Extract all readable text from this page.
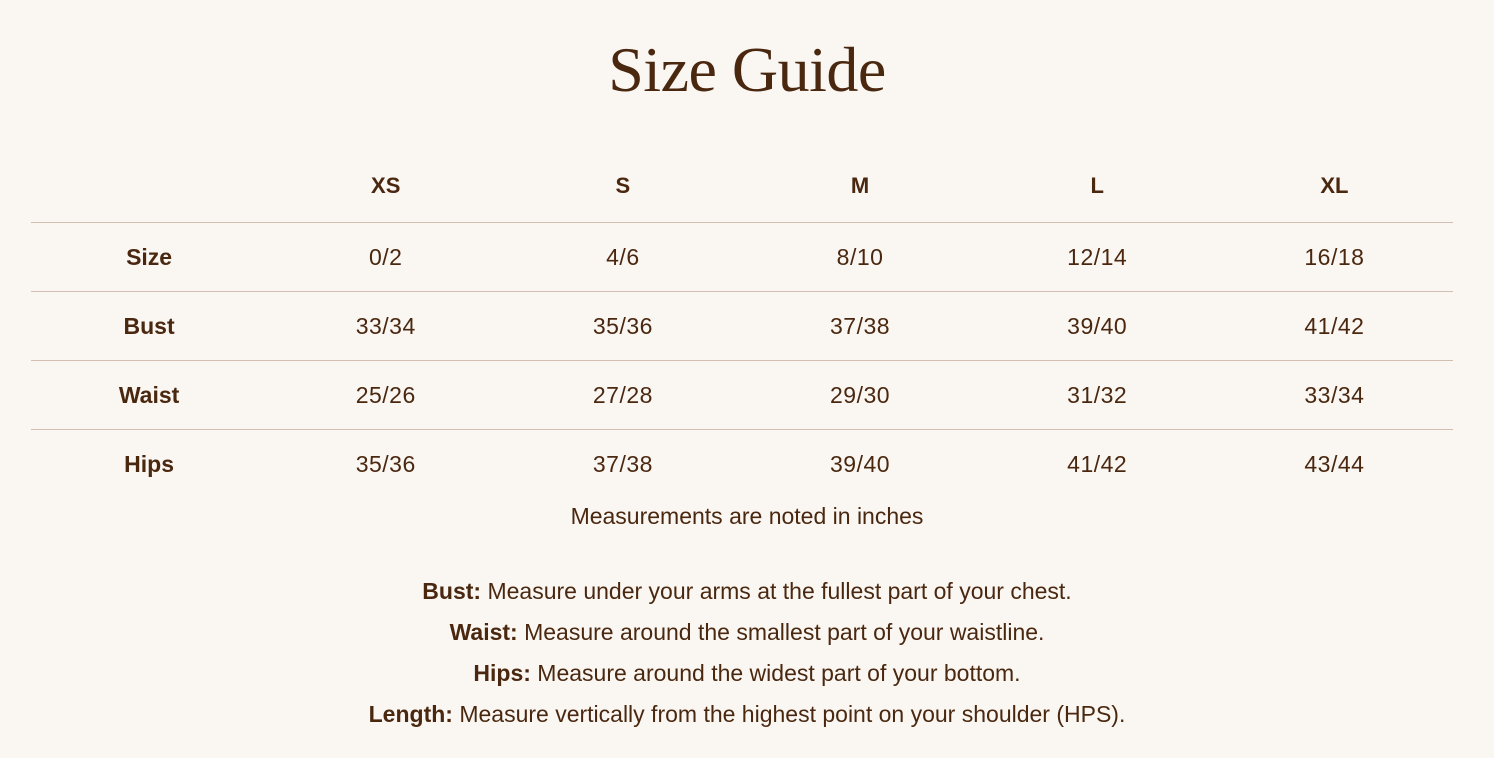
Size Guide
	XS	S	M	L	XL
Size	0/2	4/6	8/10	12/14	16/18
Bust	33/34	35/36	37/38	39/40	41/42
Waist	25/26	27/28	29/30	31/32	33/34
Hips	35/36	37/38	39/40	41/42	43/44
Measurements are noted in inches
Bust: Measure under your arms at the fullest part of your chest.
Waist: Measure around the smallest part of your waistline.
Hips: Measure around the widest part of your bottom.
Length: Measure vertically from the highest point on your shoulder (HPS).
